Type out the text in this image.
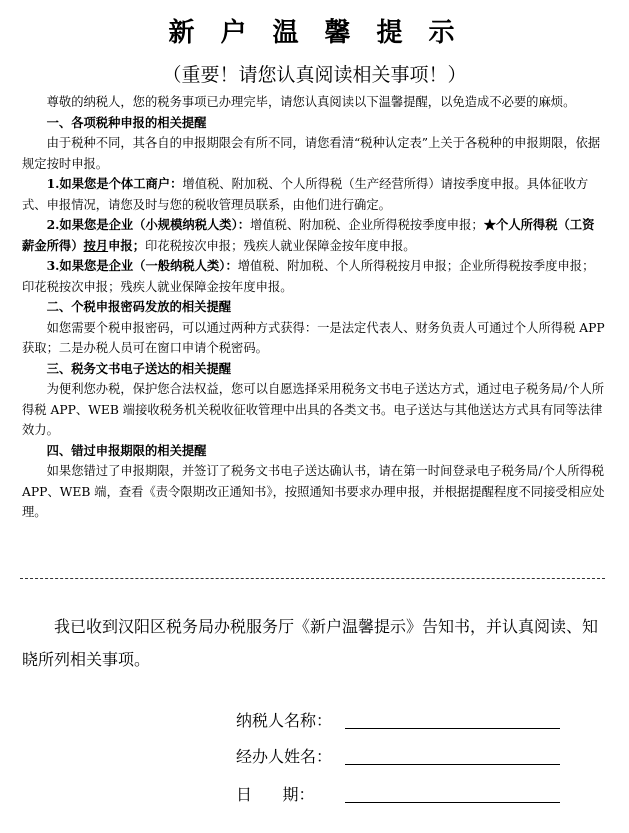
新户温馨提示
（重要！请您认真阅读相关事项！）

尊敬的纳税人，您的税务事项已办理完毕，请您认真阅读以下温馨提醒，以免造成不必要的麻烦。

一、各项税种申报的相关提醒

由于税种不同，其各自的申报期限会有所不同，请您看清“税种认定表”上关于各税种的申报期限，依据规定按时申报。

1.如果您是个体工商户：增值税、附加税、个人所得税（生产经营所得）请按季度申报。具体征收方式、申报情况，请您及时与您的税收管理员联系，由他们进行确定。

2.如果您是企业（小规模纳税人类）：增值税、附加税、企业所得税按季度申报；★个人所得税（工资薪金所得）按月申报；印花税按次申报；残疾人就业保障金按年度申报。

3.如果您是企业（一般纳税人类）：增值税、附加税、个人所得税按月申报；企业所得税按季度申报；印花税按次申报；残疾人就业保障金按年度申报。

二、个税申报密码发放的相关提醒

如您需要个税申报密码，可以通过两种方式获得：一是法定代表人、财务负责人可通过个人所得税 APP 获取；二是办税人员可在窗口申请个税密码。

三、税务文书电子送达的相关提醒

为便利您办税，保护您合法权益，您可以自愿选择采用税务文书电子送达方式，通过电子税务局/个人所得税 APP、WEB 端接收税务机关税收征收管理中出具的各类文书。电子送达与其他送达方式具有同等法律效力。

四、错过申报期限的相关提醒

如果您错过了申报期限，并签订了税务文书电子送达确认书，请在第一时间登录电子税务局/个人所得税 APP、WEB 端，查看《责令限期改正通知书》，按照通知书要求办理申报，并根据提醒程度不同接受相应处理。

我已收到汉阳区税务局办税服务厅《新户温馨提示》告知书，并认真阅读、知晓所列相关事项。
纳税人名称：
经办人姓名：
日      期：
